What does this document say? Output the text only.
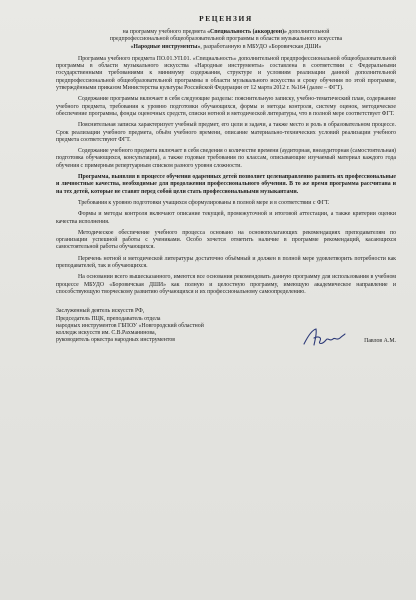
РЕЦЕНЗИЯ
на программу учебного предмета «Специальность (аккордеон)» дополнительной
предпрофессиональной общеобразовательной программы в области музыкального искусства
«Народные инструменты», разработанную в МБУДО «Боровичская ДШИ»
Программа учебного предмета ПО.01.УП.01. «Специальность» дополнительной предпрофессиональной общеобразовательной программы в области музыкального искусства «Народные инструменты» составлена в соответствии с Федеральными государственными требованиями к минимуму содержания, структуре и условиям реализации данной дополнительной предпрофессиональной общеобразовательной программы в области музыкального искусства и сроку обучения по этой программе, утверждёнными приказом Министерства культуры Российской Федерации от 12 марта 2012 г. №164 (далее – ФГТ).
Содержание программы включает в себя следующие разделы: пояснительную записку, учебно-тематический план, содержание учебного предмета, требования к уровню подготовки обучающихся, формы и методы контроля, систему оценок, методическое обеспечение программы, фонды оценочных средств, списки нотной и методической литературы, что в полной мере соответствует ФГТ.
Пояснительная записка характеризует учебный предмет, его цели и задачи, а также место и роль в образовательном процессе. Срок реализации учебного предмета, объём учебного времени, описание материально-технических условий реализации учебного предмета соответствуют ФГТ.
Содержание учебного предмета включает в себя сведения о количестве времени (аудиторная, внеаудиторная (самостоятельная) подготовка обучающихся, консультации), а также годовые требования по классам, описывающие изучаемый материал каждого года обучения с примерным репертуарным списком разного уровня сложности.
Программа, выявляя в процессе обучения одаренных детей позволяет целенаправленно развить их профессиональные и личностные качества, необходимые для продолжения профессионального обучения. В то же время программа рассчитана и на тех детей, которые не ставят перед собой цели стать профессиональными музыкантами.
Требования к уровню подготовки учащихся сформулированы в полной мере и в соответствии с ФГТ.
Формы и методы контроля включают описание текущей, промежуточной и итоговой аттестации, а также критерии оценки качества исполнения.
Методическое обеспечение учебного процесса основано на основополагающих рекомендациях преподавателям по организации успешной работы с учениками. Особо хочется отметить наличие в программе рекомендаций, касающихся самостоятельной работы обучающихся.
Перечень нотной и методической литературы достаточно объёмный и должен в полной мере удовлетворить потребности как преподавателей, так и обучающихся.
На основании всего вышесказанного, имеются все основания рекомендовать данную программу для использования в учебном процессе МБУДО «Боровичская ДШИ» как полную и целостную программу, имеющую академическое направление и способствующую творческому развитию обучающихся и их профессиональному самоопределению.
Заслуженный деятель искусств РФ,
Председатель ПЦК, преподаватель отдела
народных инструментов ГБПОУ «Новгородский областной
колледж искусств им. С.В.Рахманинова,
руководитель оркестра народных инструментов	Павлов А.М.
